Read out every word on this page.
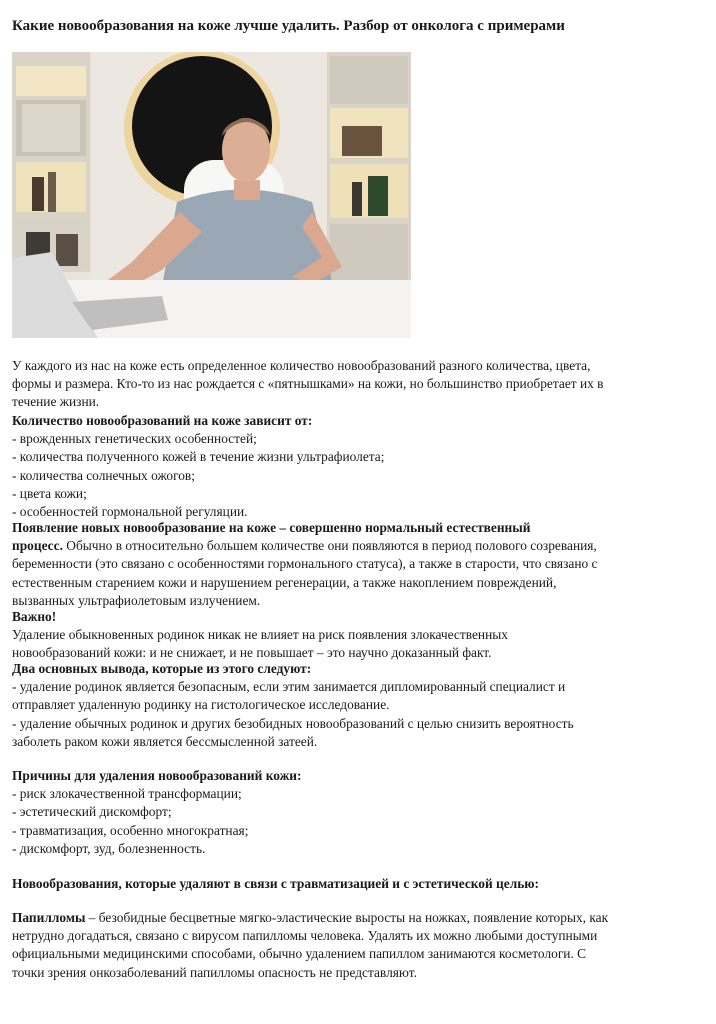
Какие новообразования на коже лучше удалить. Разбор от онколога с примерами
У каждого из нас на коже есть определенное количество новообразований разного количества, цвета,
формы и размера. Кто-то из нас рождается с «пятнышками» на кожи, но большинство приобретает их в
течение жизни.
Количество новообразований на коже зависит от:
- врожденных генетических особенностей;
- количества полученного кожей в течение жизни ультрафиолета;
- количества солнечных ожогов;
- цвета кожи;
- особенностей гормональной регуляции.
Появление новых новообразование на коже – совершенно нормальный естественный
процесс. Обычно в относительно большем количестве они появляются в период полового созревания,
беременности (это связано с особенностями гормонального статуса), а также в старости, что связано с
естественным старением кожи и нарушением регенерации, а также накоплением повреждений,
вызванных ультрафиолетовым излучением.
Важно!
Удаление обыкновенных родинок никак не влияет на риск появления злокачественных
новообразований кожи: и не снижает, и не повышает – это научно доказанный факт.
Два основных вывода, которые из этого следуют:
- удаление родинок является безопасным, если этим занимается дипломированный специалист и
отправляет удаленную родинку на гистологическое исследование.
- удаление обычных родинок и других безобидных новообразований с целью снизить вероятность
заболеть раком кожи является бессмысленной затеей.
Причины для удаления новообразований кожи:
- риск злокачественной трансформации;
- эстетический дискомфорт;
- травматизация, особенно многократная;
- дискомфорт, зуд, болезненность.
Новообразования, которые удаляют в связи с травматизацией и с эстетической целью:
Папилломы – безобидные бесцветные мягко-эластические выросты на ножках, появление которых, как
нетрудно догадаться, связано с вирусом папилломы человека. Удалять их можно любыми доступными
официальными медицинскими способами, обычно удалением папиллом занимаются косметологи. С
точки зрения онкозаболеваний папилломы опасность не представляют.
